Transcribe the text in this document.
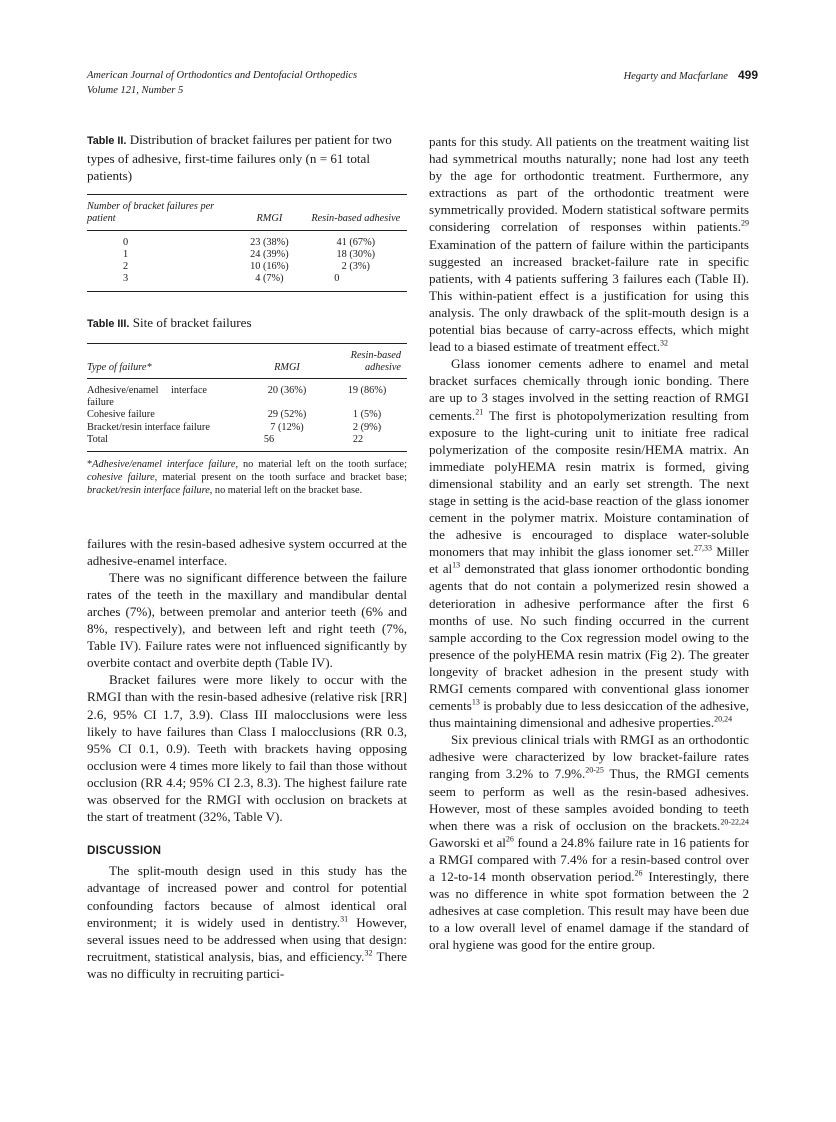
American Journal of Orthodontics and Dentofacial Orthopedics
Volume 121, Number 5
Hegarty and Macfarlane 499
Table II. Distribution of bracket failures per patient for two types of adhesive, first-time failures only (n = 61 total patients)
Number of bracket failures per patient	RMGI	Resin-based adhesive
0	23 (38%)	41 (67%)
1	24 (39%)	18 (30%)
2	10 (16%)	2 (3%)
3	4 (7%)	0
Table III. Site of bracket failures
Type of failure*	RMGI	Resin-based adhesive
Adhesive/enamel interface failure	20 (36%)	19 (86%)
Cohesive failure	29 (52%)	1 (5%)
Bracket/resin interface failure	7 (12%)	2 (9%)
Total	56	22

*Adhesive/enamel interface failure, no material left on the tooth surface; cohesive failure, material present on the tooth surface and bracket base; bracket/resin interface failure, no material left on the bracket base.

failures with the resin-based adhesive system occurred at the adhesive-enamel interface.

There was no significant difference between the failure rates of the teeth in the maxillary and mandibular dental arches (7%), between premolar and anterior teeth (6% and 8%, respectively), and between left and right teeth (7%, Table IV). Failure rates were not influenced significantly by overbite contact and overbite depth (Table IV).

Bracket failures were more likely to occur with the RMGI than with the resin-based adhesive (relative risk [RR] 2.6, 95% CI 1.7, 3.9). Class III malocclusions were less likely to have failures than Class I malocclusions (RR 0.3, 95% CI 0.1, 0.9). Teeth with brackets having opposing occlusion were 4 times more likely to fail than those without occlusion (RR 4.4; 95% CI 2.3, 8.3). The highest failure rate was observed for the RMGI with occlusion on brackets at the start of treatment (32%, Table V).

DISCUSSION

The split-mouth design used in this study has the advantage of increased power and control for potential confounding factors because of almost identical oral environment; it is widely used in dentistry.$^{31}$ However, several issues need to be addressed when using that design: recruitment, statistical analysis, bias, and efficiency.$^{32}$ There was no difficulty in recruiting partici-

pants for this study. All patients on the treatment waiting list had symmetrical mouths naturally; none had lost any teeth by the age for orthodontic treatment. Furthermore, any extractions as part of the orthodontic treatment were symmetrically provided. Modern statistical software permits considering correlation of responses within patients.$^{29}$ Examination of the pattern of failure within the participants suggested an increased bracket-failure rate in specific patients, with 4 patients suffering 3 failures each (Table II). This within-patient effect is a justification for using this analysis. The only drawback of the split-mouth design is a potential bias because of carry-across effects, which might lead to a biased estimate of treatment effect.$^{32}$

Glass ionomer cements adhere to enamel and metal bracket surfaces chemically through ionic bonding. There are up to 3 stages involved in the setting reaction of RMGI cements.$^{21}$ The first is photopolymerization resulting from exposure to the light-curing unit to initiate free radical polymerization of the composite resin/HEMA matrix. An immediate polyHEMA resin matrix is formed, giving dimensional stability and an early set strength. The next stage in setting is the acid-base reaction of the glass ionomer cement in the polymer matrix. Moisture contamination of the adhesive is encouraged to displace water-soluble monomers that may inhibit the glass ionomer set.$^{27,33}$ Miller et $al^{13}$ demonstrated that glass ionomer orthodontic bonding agents that do not contain a polymerized resin showed a deterioration in adhesive performance after the first 6 months of use. No such finding occurred in the current sample according to the Cox regression model owing to the presence of the polyHEMA resin matrix (Fig 2). The greater longevity of bracket adhesion in the present study with RMGI cements compared with conventional glass ionomer cements$^{13}$ is probably due to less desiccation of the adhesive, thus maintaining dimensional and adhesive properties.$^{20,24}$

Six previous clinical trials with RMGI as an orthodontic adhesive were characterized by low bracket-failure rates ranging from 3.2% to 7.9%.$^{20-25}$ Thus, the RMGI cements seem to perform as well as the resin-based adhesives. However, most of these samples avoided bonding to teeth when there was a risk of occlusion on the brackets.$^{20-22,24}$ Gaworski et $al^{26}$ found a 24.8% failure rate in 16 patients for a RMGI compared with 7.4% for a resin-based control over a 12-to-14 month observation period.$^{26}$ Interestingly, there was no difference in white spot formation between the 2 adhesives at case completion. This result may have been due to a low overall level of enamel damage if the standard of oral hygiene was good for the entire group.
